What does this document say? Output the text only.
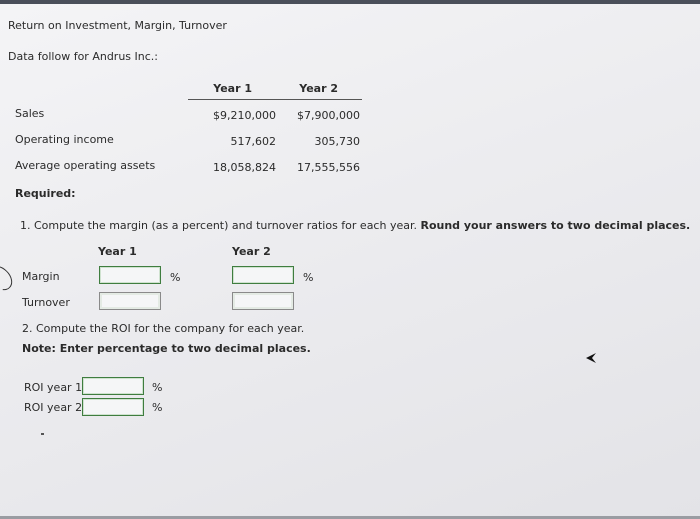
Return on Investment, Margin, Turnover
Data follow for Andrus Inc.:
Year 1	Year 2
Sales	$9,210,000	$7,900,000
Operating income	517,602	305,730
Average operating assets	18,058,824	17,555,556
Required:
1. Compute the margin (as a percent) and turnover ratios for each year. Round your answers to two decimal places.
Year 1	Year 2
Margin	%	%
Turnover
2. Compute the ROI for the company for each year.
Note: Enter percentage to two decimal places.
ROI year 1	%
ROI year 2	%
